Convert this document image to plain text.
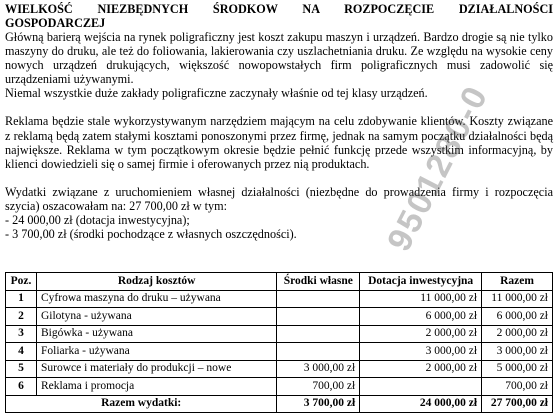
WIELKOŚĆ NIEZBĘDNYCH ŚRODKOW NA ROZPOCZĘCIE DZIAŁALNOŚCI
GOSPODARCZEJ

Główną barierą wejścia na rynek poligraficzny jest koszt zakupu maszyn i urządzeń. Bardzo drogie są nie tylko maszyny do druku, ale też do foliowania, lakierowania czy uszlachetniania druku. Ze względu na wysokie ceny nowych urządzeń drukujących, większość nowopowstałych firm poligraficznych musi zadowolić się urządzeniami używanymi.

Niemal wszystkie duże zakłady poligraficzne zaczynały właśnie od tej klasy urządzeń.

Reklama będzie stale wykorzystywanym narzędziem mającym na celu zdobywanie klientów. Koszty związane z reklamą będą zatem stałymi kosztami ponoszonymi przez firmę, jednak na samym początku działalności będą największe. Reklama w tym początkowym okresie będzie pełnić funkcję przede wszystkim informacyjną, by klienci dowiedzieli się o samej firmie i oferowanych przez nią produktach.

Wydatki związane z uruchomieniem własnej działalności (niezbędne do prowadzenia firmy i rozpoczęcia szycia) oszacowałam na: 27 700,00 zł w tym:

- 24 000,00 zł (dotacja inwestycyjna);
- 3 700,00 zł (środki pochodzące z własnych oszczędności).
Poz.	Rodzaj kosztów	Środki własne	Dotacja inwestycyjna	Razem
1	Cyfrowa maszyna do druku – używana		11 000,00 zł	11 000,00 zł
2	Gilotyna - używana		6 000,00 zł	6 000,00 zł
3	Bigówka - używana		2 000,00 zł	2 000,00 zł
4	Foliarka - używana		3 000,00 zł	3 000,00 zł
5	Surowce i materiały do produkcji – nowe	3 000,00 zł	2 000,00 zł	5 000,00 zł
6	Reklama i promocja	700,00 zł		700,00 zł
Razem wydatki:		3 700,00 zł	24 000,00 zł	27 700,00 zł
9501280-0
